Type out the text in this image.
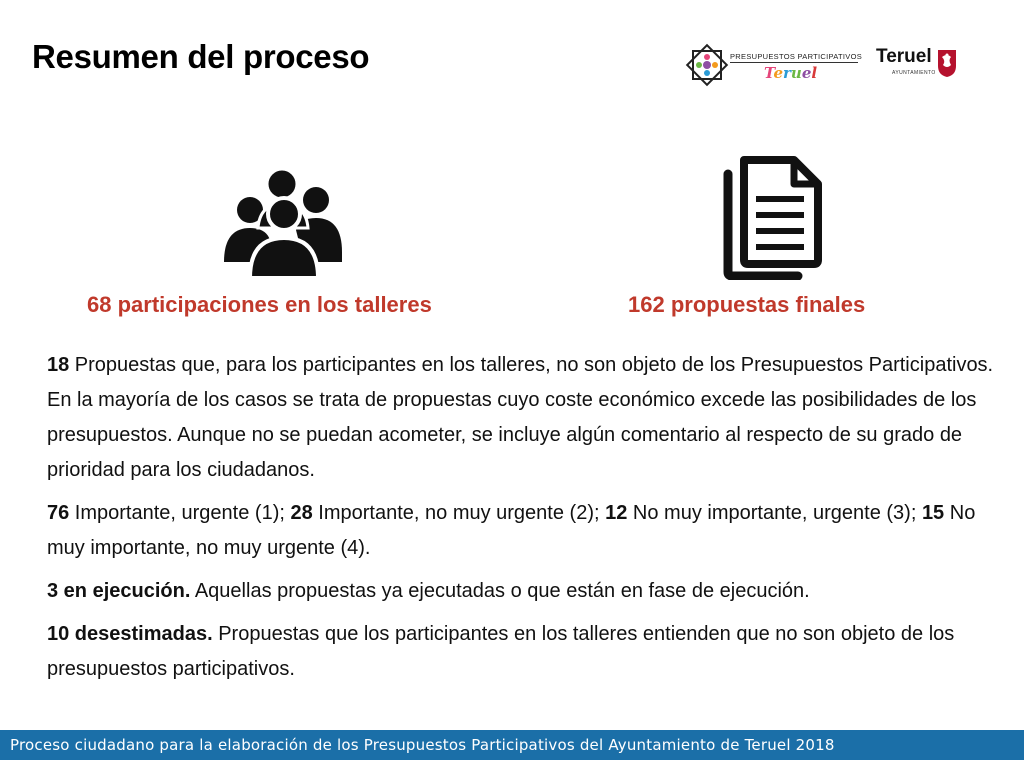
Resumen del proceso	PRESUPUESTOS PARTICIPATIVOS
Teruel
Teruel
AYUNTAMIENTO
68 participaciones en los talleres	162 propuestas finales

18 Propuestas que, para los participantes en los talleres, no son objeto de los Presupuestos Participativos. En la mayoría de los casos se trata de propuestas cuyo coste económico excede las posibilidades de los presupuestos. Aunque no se puedan acometer, se incluye algún comentario al respecto de su grado de prioridad para los ciudadanos.

76 Importante, urgente (1); 28 Importante, no muy urgente (2); 12 No muy importante, urgente (3); 15 No muy importante, no muy urgente (4).

3 en ejecución. Aquellas propuestas ya ejecutadas o que están en fase de ejecución.

10 desestimadas. Propuestas que los participantes en los talleres entienden que no son objeto de los presupuestos participativos.

Proceso ciudadano para la elaboración de los Presupuestos Participativos del Ayuntamiento de Teruel 2018
